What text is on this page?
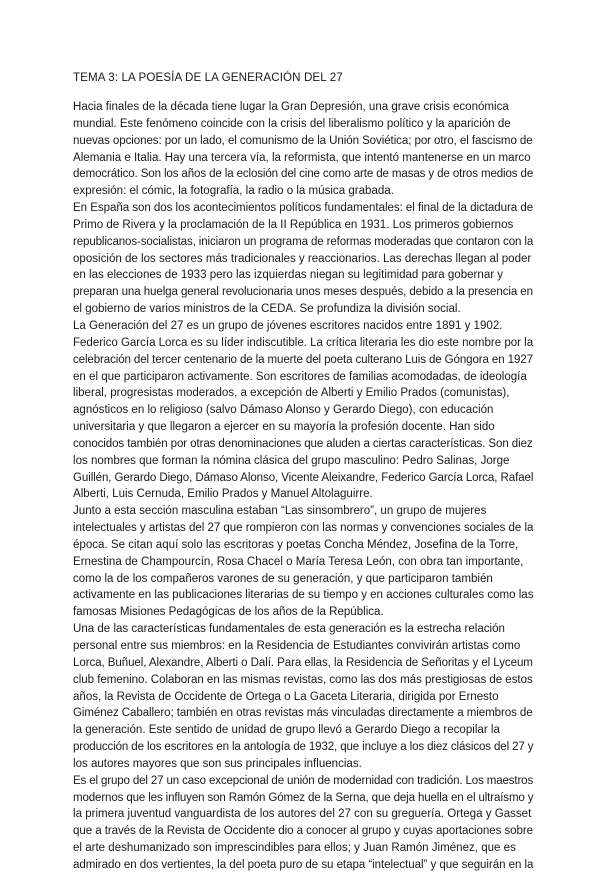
TEMA 3: LA POESÍA DE LA GENERACIÓN DEL 27
Hacia finales de la década tiene lugar la Gran Depresión, una grave crisis económica
mundial. Este fenómeno coincide con la crisis del liberalismo político y la aparición de
nuevas opciones: por un lado, el comunismo de la Unión Soviética; por otro, el fascismo de
Alemania e Italia. Hay una tercera vía, la reformista, que intentó mantenerse en un marco
democrático. Son los años de la eclosión del cine como arte de masas y de otros medios de
expresión: el cómic, la fotografía, la radio o la música grabada.
En España son dos los acontecimientos políticos fundamentales: el final de la dictadura de
Primo de Rivera y la proclamación de la II República en 1931. Los primeros gobiernos
republicanos-socialistas, iniciaron un programa de reformas moderadas que contaron con la
oposición de los sectores más tradicionales y reaccionarios. Las derechas llegan al poder
en las elecciones de 1933 pero las izquierdas niegan su legitimidad para gobernar y
preparan una huelga general revolucionaria unos meses después, debido a la presencia en
el gobierno de varios ministros de la CEDA. Se profundiza la división social.
La Generación del 27 es un grupo de jóvenes escritores nacidos entre 1891 y 1902.
Federico García Lorca es su líder indiscutible. La crítica literaria les dio este nombre por la
celebración del tercer centenario de la muerte del poeta culterano Luis de Góngora en 1927
en el que participaron activamente. Son escritores de familias acomodadas, de ideología
liberal, progresistas moderados, a excepción de Alberti y Emilio Prados (comunistas),
agnósticos en lo religioso (salvo Dámaso Alonso y Gerardo Diego), con educación
universitaria y que llegaron a ejercer en su mayoría la profesión docente. Han sido
conocidos también por otras denominaciones que aluden a ciertas características. Son diez
los nombres que forman la nómina clásica del grupo masculino: Pedro Salinas, Jorge
Guillén, Gerardo Diego, Dámaso Alonso, Vicente Aleixandre, Federico García Lorca, Rafael
Alberti, Luis Cernuda, Emilio Prados y Manuel Altolaguirre.
Junto a esta sección masculina estaban “Las sinsombrero”, un grupo de mujeres
intelectuales y artistas del 27 que rompieron con las normas y convenciones sociales de la
época. Se citan aquí solo las escritoras y poetas Concha Méndez, Josefina de la Torre,
Ernestina de Champourcín, Rosa Chacel o María Teresa León, con obra tan importante,
como la de los compañeros varones de su generación, y que participaron también
activamente en las publicaciones literarias de su tiempo y en acciones culturales como las
famosas Misiones Pedagógicas de los años de la República.
Una de las características fundamentales de esta generación es la estrecha relación
personal entre sus miembros: en la Residencia de Estudiantes convivirán artistas como
Lorca, Buñuel, Alexandre, Alberti o Dalí. Para ellas, la Residencia de Señoritas y el Lyceum
club femenino. Colaboran en las mismas revistas, como las dos más prestigiosas de estos
años, la Revista de Occidente de Ortega o La Gaceta Literaria, dirigida por Ernesto
Giménez Caballero; también en otras revistas más vinculadas directamente a miembros de
la generación. Este sentido de unidad de grupo llevó a Gerardo Diego a recopilar la
producción de los escritores en la antología de 1932, que incluye a los diez clásicos del 27 y
los autores mayores que son sus principales influencias.
Es el grupo del 27 un caso excepcional de unión de modernidad con tradición. Los maestros
modernos que les influyen son Ramón Gómez de la Serna, que deja huella en el ultraísmo y
la primera juventud vanguardista de los autores del 27 con su greguería. Ortega y Gasset
que a través de la Revista de Occidente dio a conocer al grupo y cuyas aportaciones sobre
el arte deshumanizado son imprescindibles para ellos; y Juan Ramón Jiménez, que es
admirado en dos vertientes, la del poeta puro de su etapa “intelectual” y que seguirán en la
